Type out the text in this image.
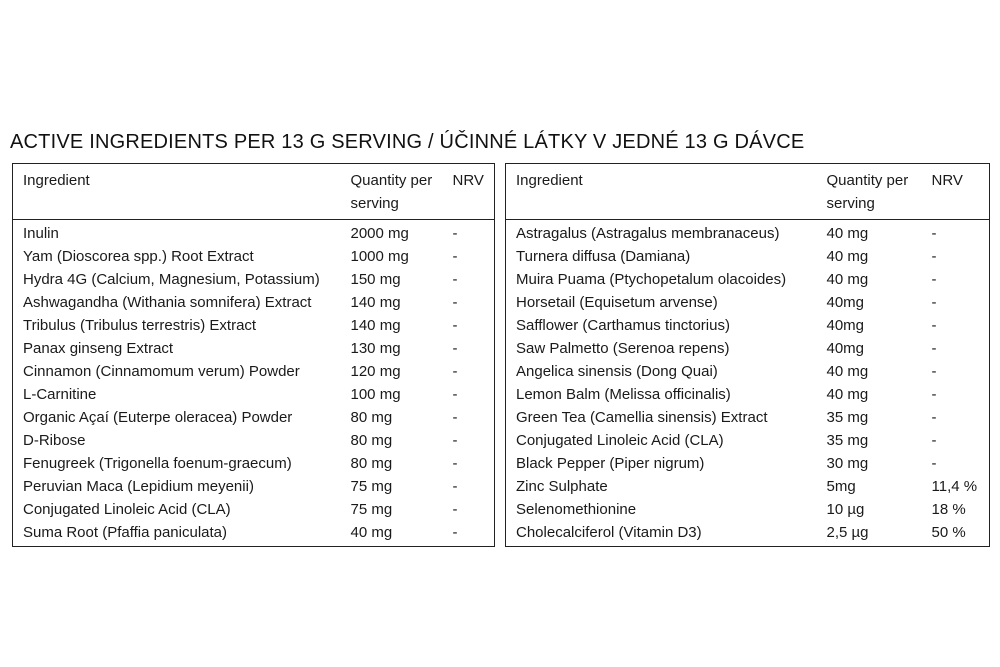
ACTIVE INGREDIENTS PER 13 G SERVING / ÚČINNÉ LÁTKY V JEDNÉ 13 G DÁVCE
Ingredient	Quantity per serving	NRV
Inulin	2000 mg	-
Yam (Dioscorea spp.) Root Extract	1000 mg	-
Hydra 4G (Calcium, Magnesium, Potassium)	150 mg	-
Ashwagandha (Withania somnifera) Extract	140 mg	-
Tribulus (Tribulus terrestris) Extract	140 mg	-
Panax ginseng Extract	130 mg	-
Cinnamon (Cinnamomum verum) Powder	120 mg	-
L-Carnitine	100 mg	-
Organic Açaí (Euterpe oleracea) Powder	80 mg	-
D-Ribose	80 mg	-
Fenugreek (Trigonella foenum-graecum)	80 mg	-
Peruvian Maca (Lepidium meyenii)	75 mg	-
Conjugated Linoleic Acid (CLA)	75 mg	-
Suma Root (Pfaffia paniculata)	40 mg	-
Ingredient	Quantity per serving	NRV
Astragalus (Astragalus membranaceus)	40 mg	-
Turnera diffusa (Damiana)	40 mg	-
Muira Puama (Ptychopetalum olacoides)	40 mg	-
Horsetail (Equisetum arvense)	40mg	-
Safflower (Carthamus tinctorius)	40mg	-
Saw Palmetto (Serenoa repens)	40mg	-
Angelica sinensis (Dong Quai)	40 mg	-
Lemon Balm (Melissa officinalis)	40 mg	-
Green Tea (Camellia sinensis) Extract	35 mg	-
Conjugated Linoleic Acid (CLA)	35 mg	-
Black Pepper (Piper nigrum)	30 mg	-
Zinc Sulphate	5mg	11,4 %
Selenomethionine	10 µg	18 %
Cholecalciferol (Vitamin D3)	2,5 µg	50 %
